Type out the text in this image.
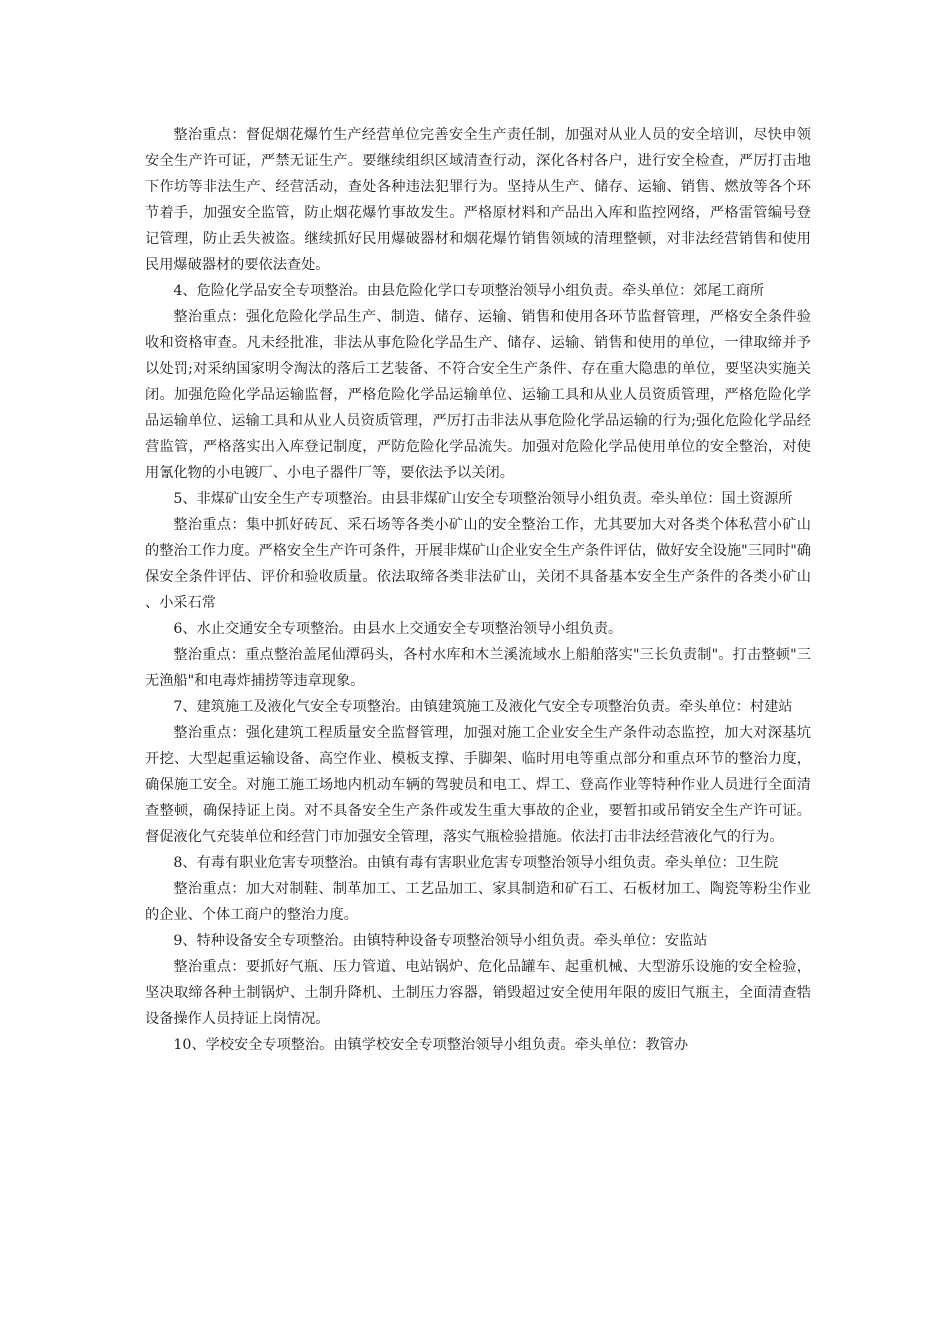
整治重点：督促烟花爆竹生产经营单位完善安全生产责任制，加强对从业人员的安全培训，尽快申领安全生产许可证，严禁无证生产。要继续组织区域清查行动，深化各村各户，进行安全检查，严厉打击地下作坊等非法生产、经营活动，查处各种违法犯罪行为。坚持从生产、储存、运输、销售、燃放等各个环节着手，加强安全监管，防止烟花爆竹事故发生。严格原材料和产品出入库和监控网络，严格雷管编号登记管理，防止丢失被盗。继续抓好民用爆破器材和烟花爆竹销售领域的清理整顿，对非法经营销售和使用民用爆破器材的要依法查处。

4、危险化学品安全专项整治。由县危险化学口专项整治领导小组负责。牵头单位：郊尾工商所

整治重点：强化危险化学品生产、制造、储存、运输、销售和使用各环节监督管理，严格安全条件验收和资格审查。凡未经批准，非法从事危险化学品生产、储存、运输、销售和使用的单位，一律取缔并予以处罚;对采纳国家明令淘汰的落后工艺装备、不符合安全生产条件、存在重大隐患的单位，要坚决实施关闭。加强危险化学品运输监督，严格危险化学品运输单位、运输工具和从业人员资质管理，严格危险化学品运输单位、运输工具和从业人员资质管理，严厉打击非法从事危险化学品运输的行为;强化危险化学品经营监管，严格落实出入库登记制度，严防危险化学品流失。加强对危险化学品使用单位的安全整治，对使用氰化物的小电镀厂、小电子器件厂等，要依法予以关闭。

5、非煤矿山安全生产专项整治。由县非煤矿山安全专项整治领导小组负责。牵头单位：国土资源所

整治重点：集中抓好砖瓦、采石场等各类小矿山的安全整治工作，尤其要加大对各类个体私营小矿山的整治工作力度。严格安全生产许可条件，开展非煤矿山企业安全生产条件评估，做好安全设施"三同时"确保安全条件评估、评价和验收质量。依法取缔各类非法矿山，关闭不具备基本安全生产条件的各类小矿山、小采石常

6、水止交通安全专项整治。由县水上交通安全专项整治领导小组负责。

整治重点：重点整治盖尾仙潭码头，各村水库和木兰溪流域水上船舶落实"三长负责制"。打击整顿"三无渔船"和电毒炸捕捞等违章现象。

7、建筑施工及液化气安全专项整治。由镇建筑施工及液化气安全专项整治负责。牵头单位：村建站

整治重点：强化建筑工程质量安全监督管理，加强对施工企业安全生产条件动态监控，加大对深基坑开挖、大型起重运输设备、高空作业、模板支撑、手脚架、临时用电等重点部分和重点环节的整治力度，确保施工安全。对施工施工场地内机动车辆的驾驶员和电工、焊工、登高作业等特种作业人员进行全面清查整顿，确保持证上岗。对不具备安全生产条件或发生重大事故的企业，要暂扣或吊销安全生产许可证。督促液化气充装单位和经营门市加强安全管理，落实气瓶检验措施。依法打击非法经营液化气的行为。

8、有毒有职业危害专项整治。由镇有毒有害职业危害专项整治领导小组负责。牵头单位：卫生院

整治重点：加大对制鞋、制革加工、工艺品加工、家具制造和矿石工、石板材加工、陶瓷等粉尘作业的企业、个体工商户的整治力度。

9、特种设备安全专项整治。由镇特种设备专项整治领导小组负责。牵头单位：安监站

整治重点：要抓好气瓶、压力管道、电站锅炉、危化品罐车、起重机械、大型游乐设施的安全检验，坚决取缔各种土制锅炉、土制升降机、土制压力容器，销毁超过安全使用年限的废旧气瓶主，全面清查牿设备操作人员持证上岗情况。

10、学校安全专项整治。由镇学校安全专项整治领导小组负责。牵头单位：教管办
